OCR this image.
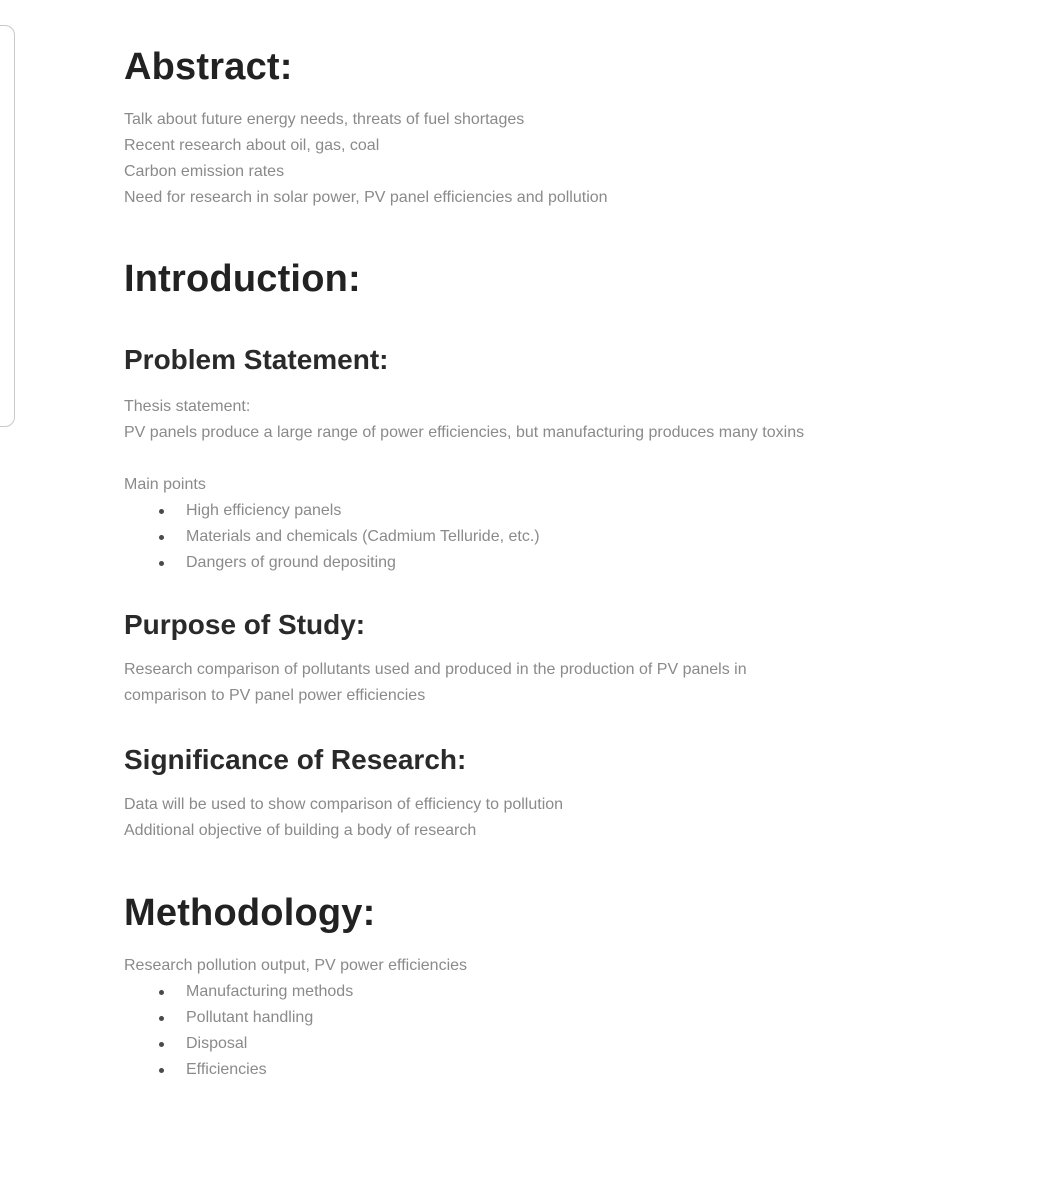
Abstract:
Talk about future energy needs, threats of fuel shortages
Recent research about oil, gas, coal
Carbon emission rates
Need for research in solar power, PV panel efficiencies and pollution
Introduction:
Problem Statement:
Thesis statement:
PV panels produce a large range of power efficiencies, but manufacturing produces many toxins
Main points
High efficiency panels
Materials and chemicals (Cadmium Telluride, etc.)
Dangers of ground depositing
Purpose of Study:
Research comparison of pollutants used and produced in the production of PV panels in
comparison to PV panel power efficiencies
Significance of Research:
Data will be used to show comparison of efficiency to pollution
Additional objective of building a body of research
Methodology:
Research pollution output, PV power efficiencies
Manufacturing methods
Pollutant handling
Disposal
Efficiencies
